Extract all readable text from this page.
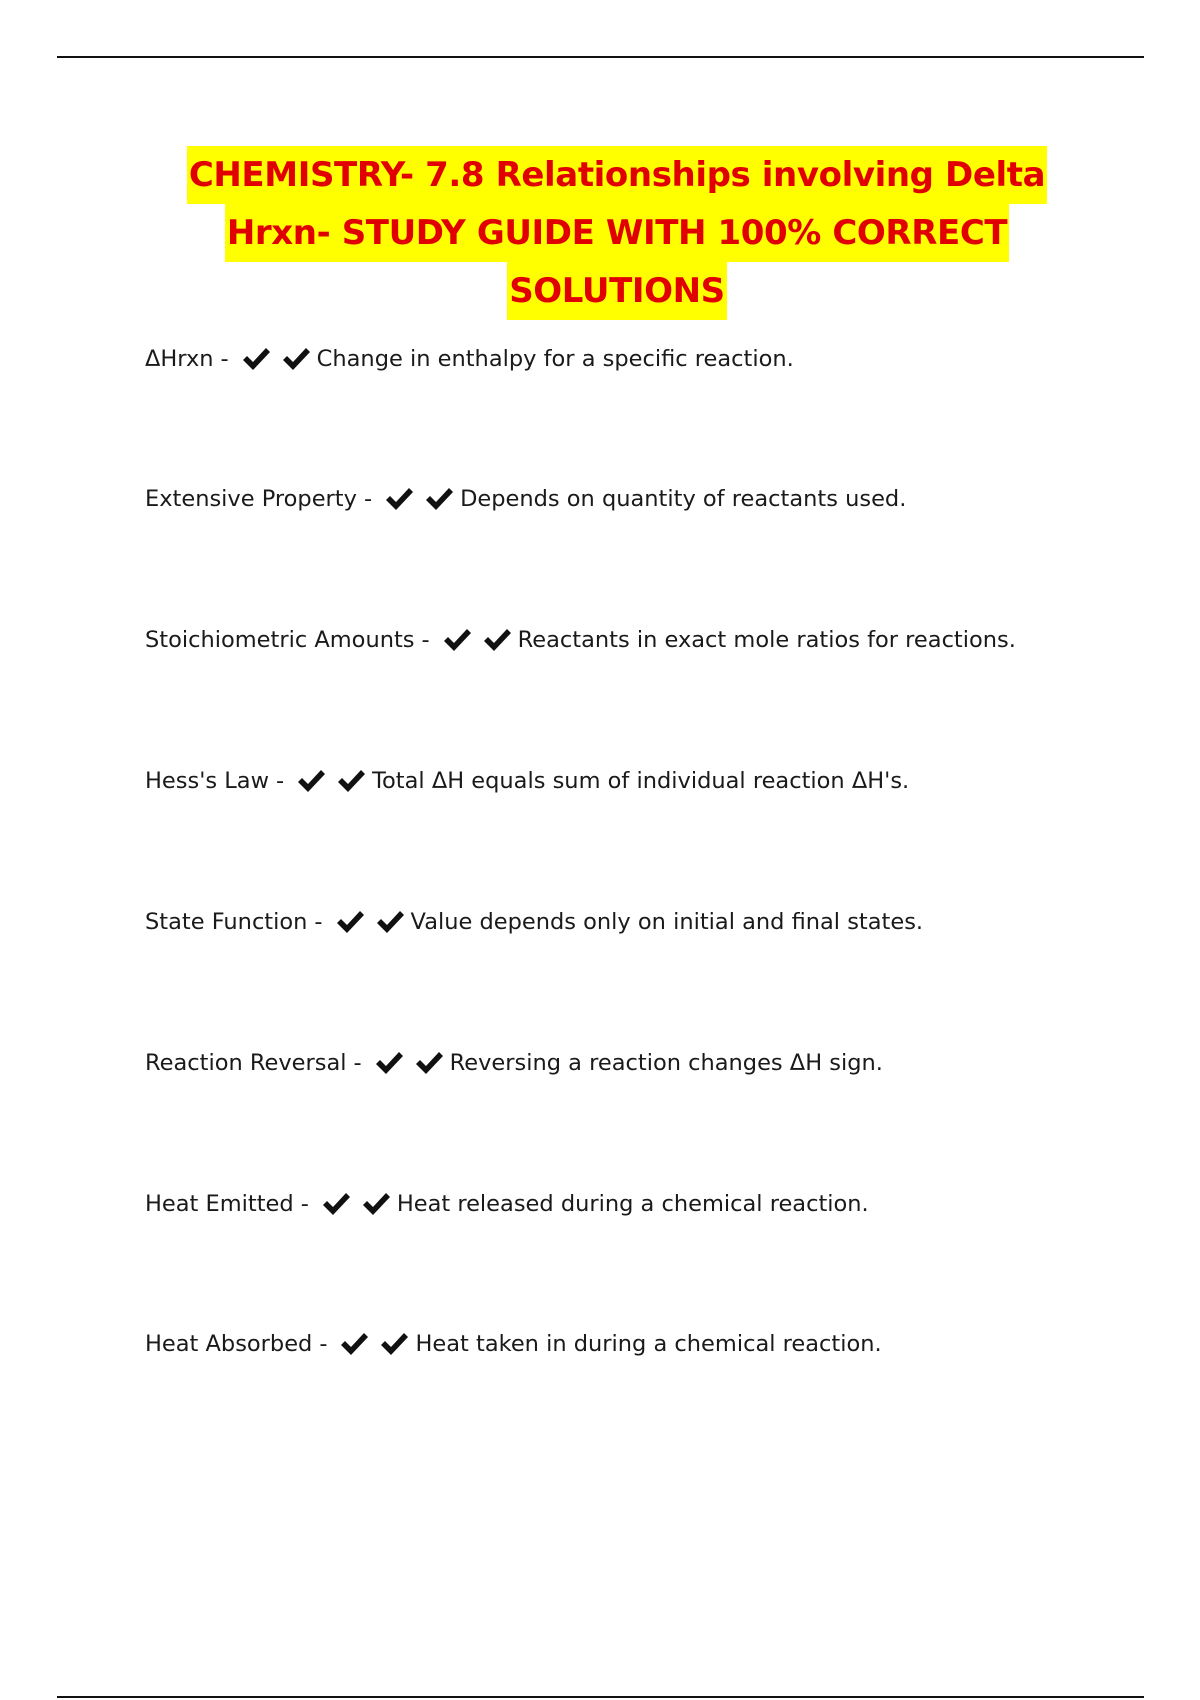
CHEMISTRY- 7.8 Relationships involving Delta
Hrxn- STUDY GUIDE WITH 100% CORRECT
SOLUTIONS
ΔHrxn -	Change in enthalpy for a specific reaction.
Extensive Property -	Depends on quantity of reactants used.
Stoichiometric Amounts -	Reactants in exact mole ratios for reactions.
Hess's Law -	Total ΔH equals sum of individual reaction ΔH's.
State Function -	Value depends only on initial and final states.
Reaction Reversal -	Reversing a reaction changes ΔH sign.
Heat Emitted -	Heat released during a chemical reaction.
Heat Absorbed -	Heat taken in during a chemical reaction.
